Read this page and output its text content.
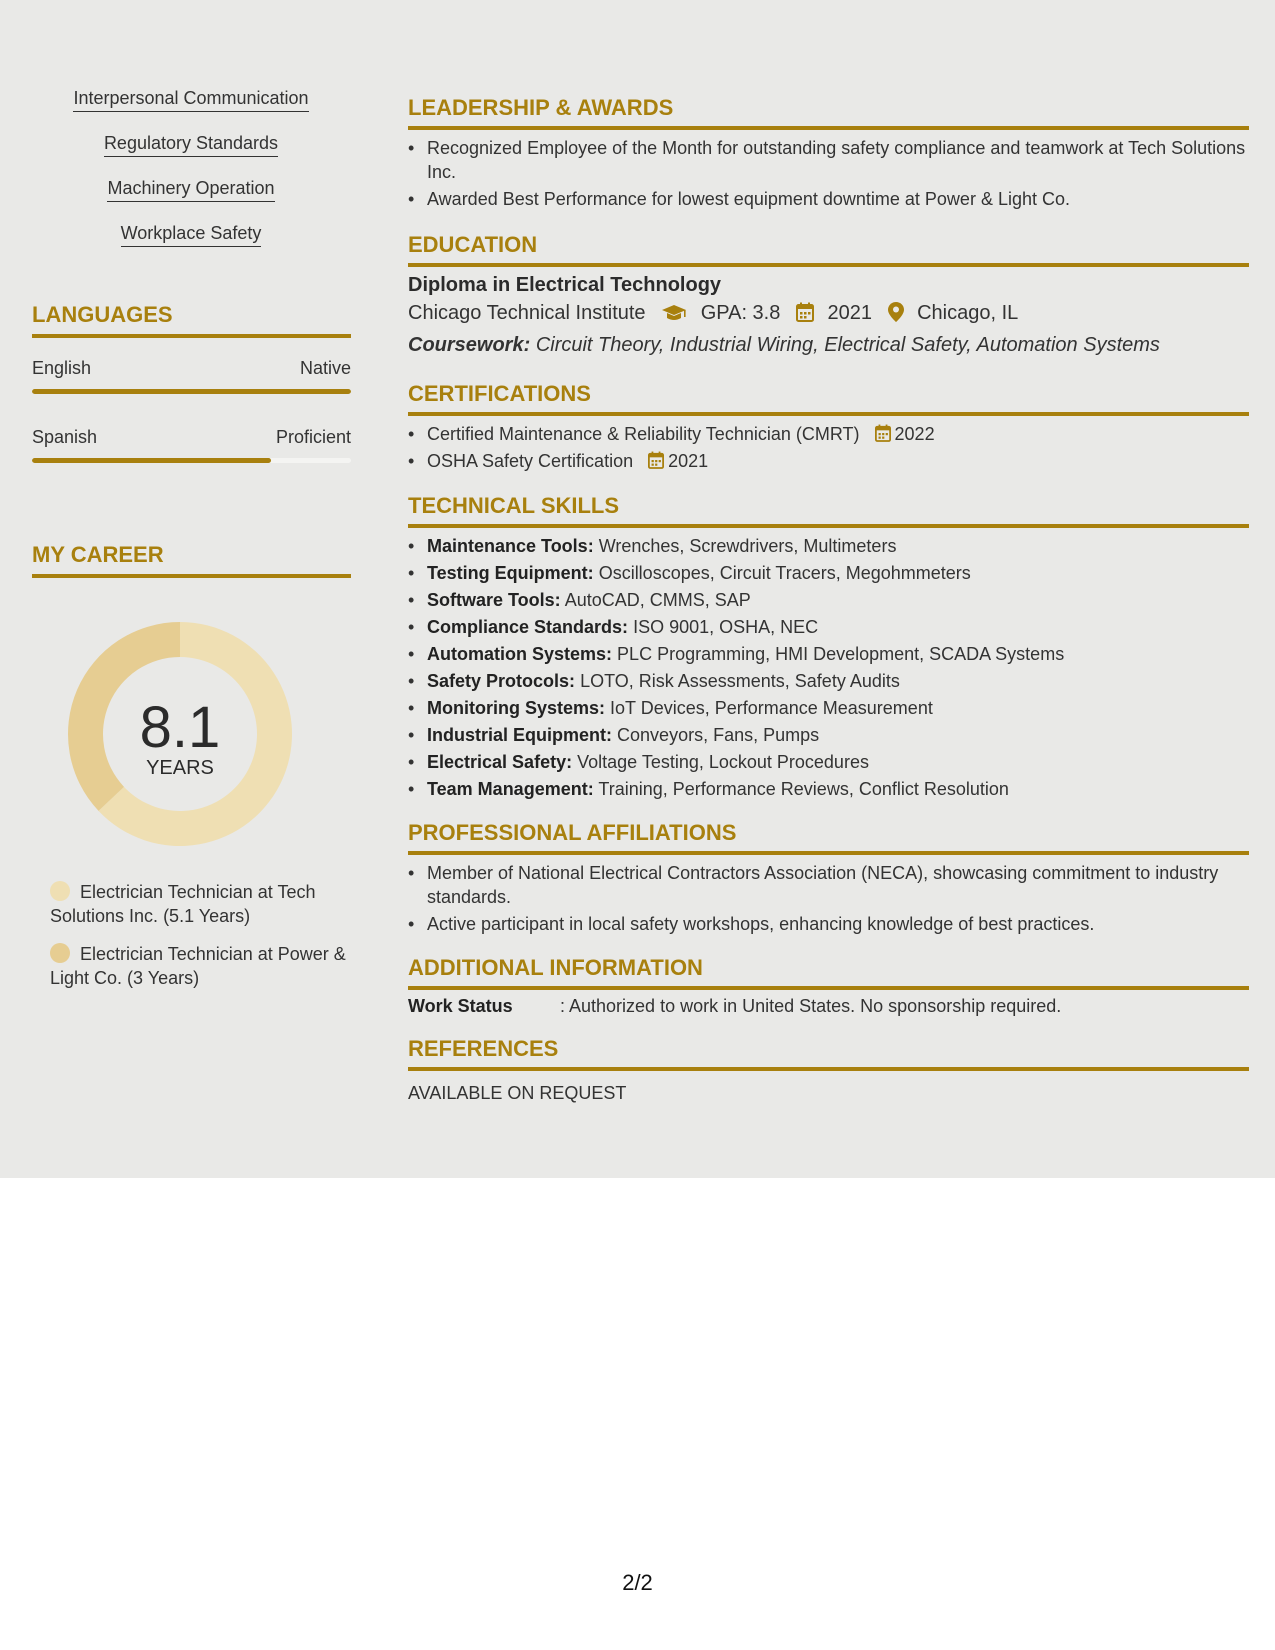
Interpersonal Communication
Regulatory Standards
Machinery Operation
Workplace Safety
LANGUAGES
English	Native
Spanish	Proficient
MY CAREER
8.1
YEARS
Electrician Technician at Tech Solutions Inc. (5.1 Years)
Electrician Technician at Power & Light Co. (3 Years)
LEADERSHIP & AWARDS
• Recognized Employee of the Month for outstanding safety compliance and teamwork at Tech Solutions Inc.
• Awarded Best Performance for lowest equipment downtime at Power & Light Co.
EDUCATION
Diploma in Electrical Technology
Chicago Technical Institute	GPA: 3.8 2021 Chicago, IL
Coursework: Circuit Theory, Industrial Wiring, Electrical Safety, Automation Systems
CERTIFICATIONS
• Certified Maintenance & Reliability Technician (CMRT) 2022
• OSHA Safety Certification 2021
TECHNICAL SKILLS
• Maintenance Tools: Wrenches, Screwdrivers, Multimeters
• Testing Equipment: Oscilloscopes, Circuit Tracers, Megohmmeters
• Software Tools: AutoCAD, CMMS, SAP
• Compliance Standards: ISO 9001, OSHA, NEC
• Automation Systems: PLC Programming, HMI Development, SCADA Systems
• Safety Protocols: LOTO, Risk Assessments, Safety Audits
• Monitoring Systems: IoT Devices, Performance Measurement
• Industrial Equipment: Conveyors, Fans, Pumps
• Electrical Safety: Voltage Testing, Lockout Procedures
• Team Management: Training, Performance Reviews, Conflict Resolution
PROFESSIONAL AFFILIATIONS
• Member of National Electrical Contractors Association (NECA), showcasing commitment to industry standards.
• Active participant in local safety workshops, enhancing knowledge of best practices.
ADDITIONAL INFORMATION
Work Status	: Authorized to work in United States. No sponsorship required.
REFERENCES
AVAILABLE ON REQUEST
2/2
